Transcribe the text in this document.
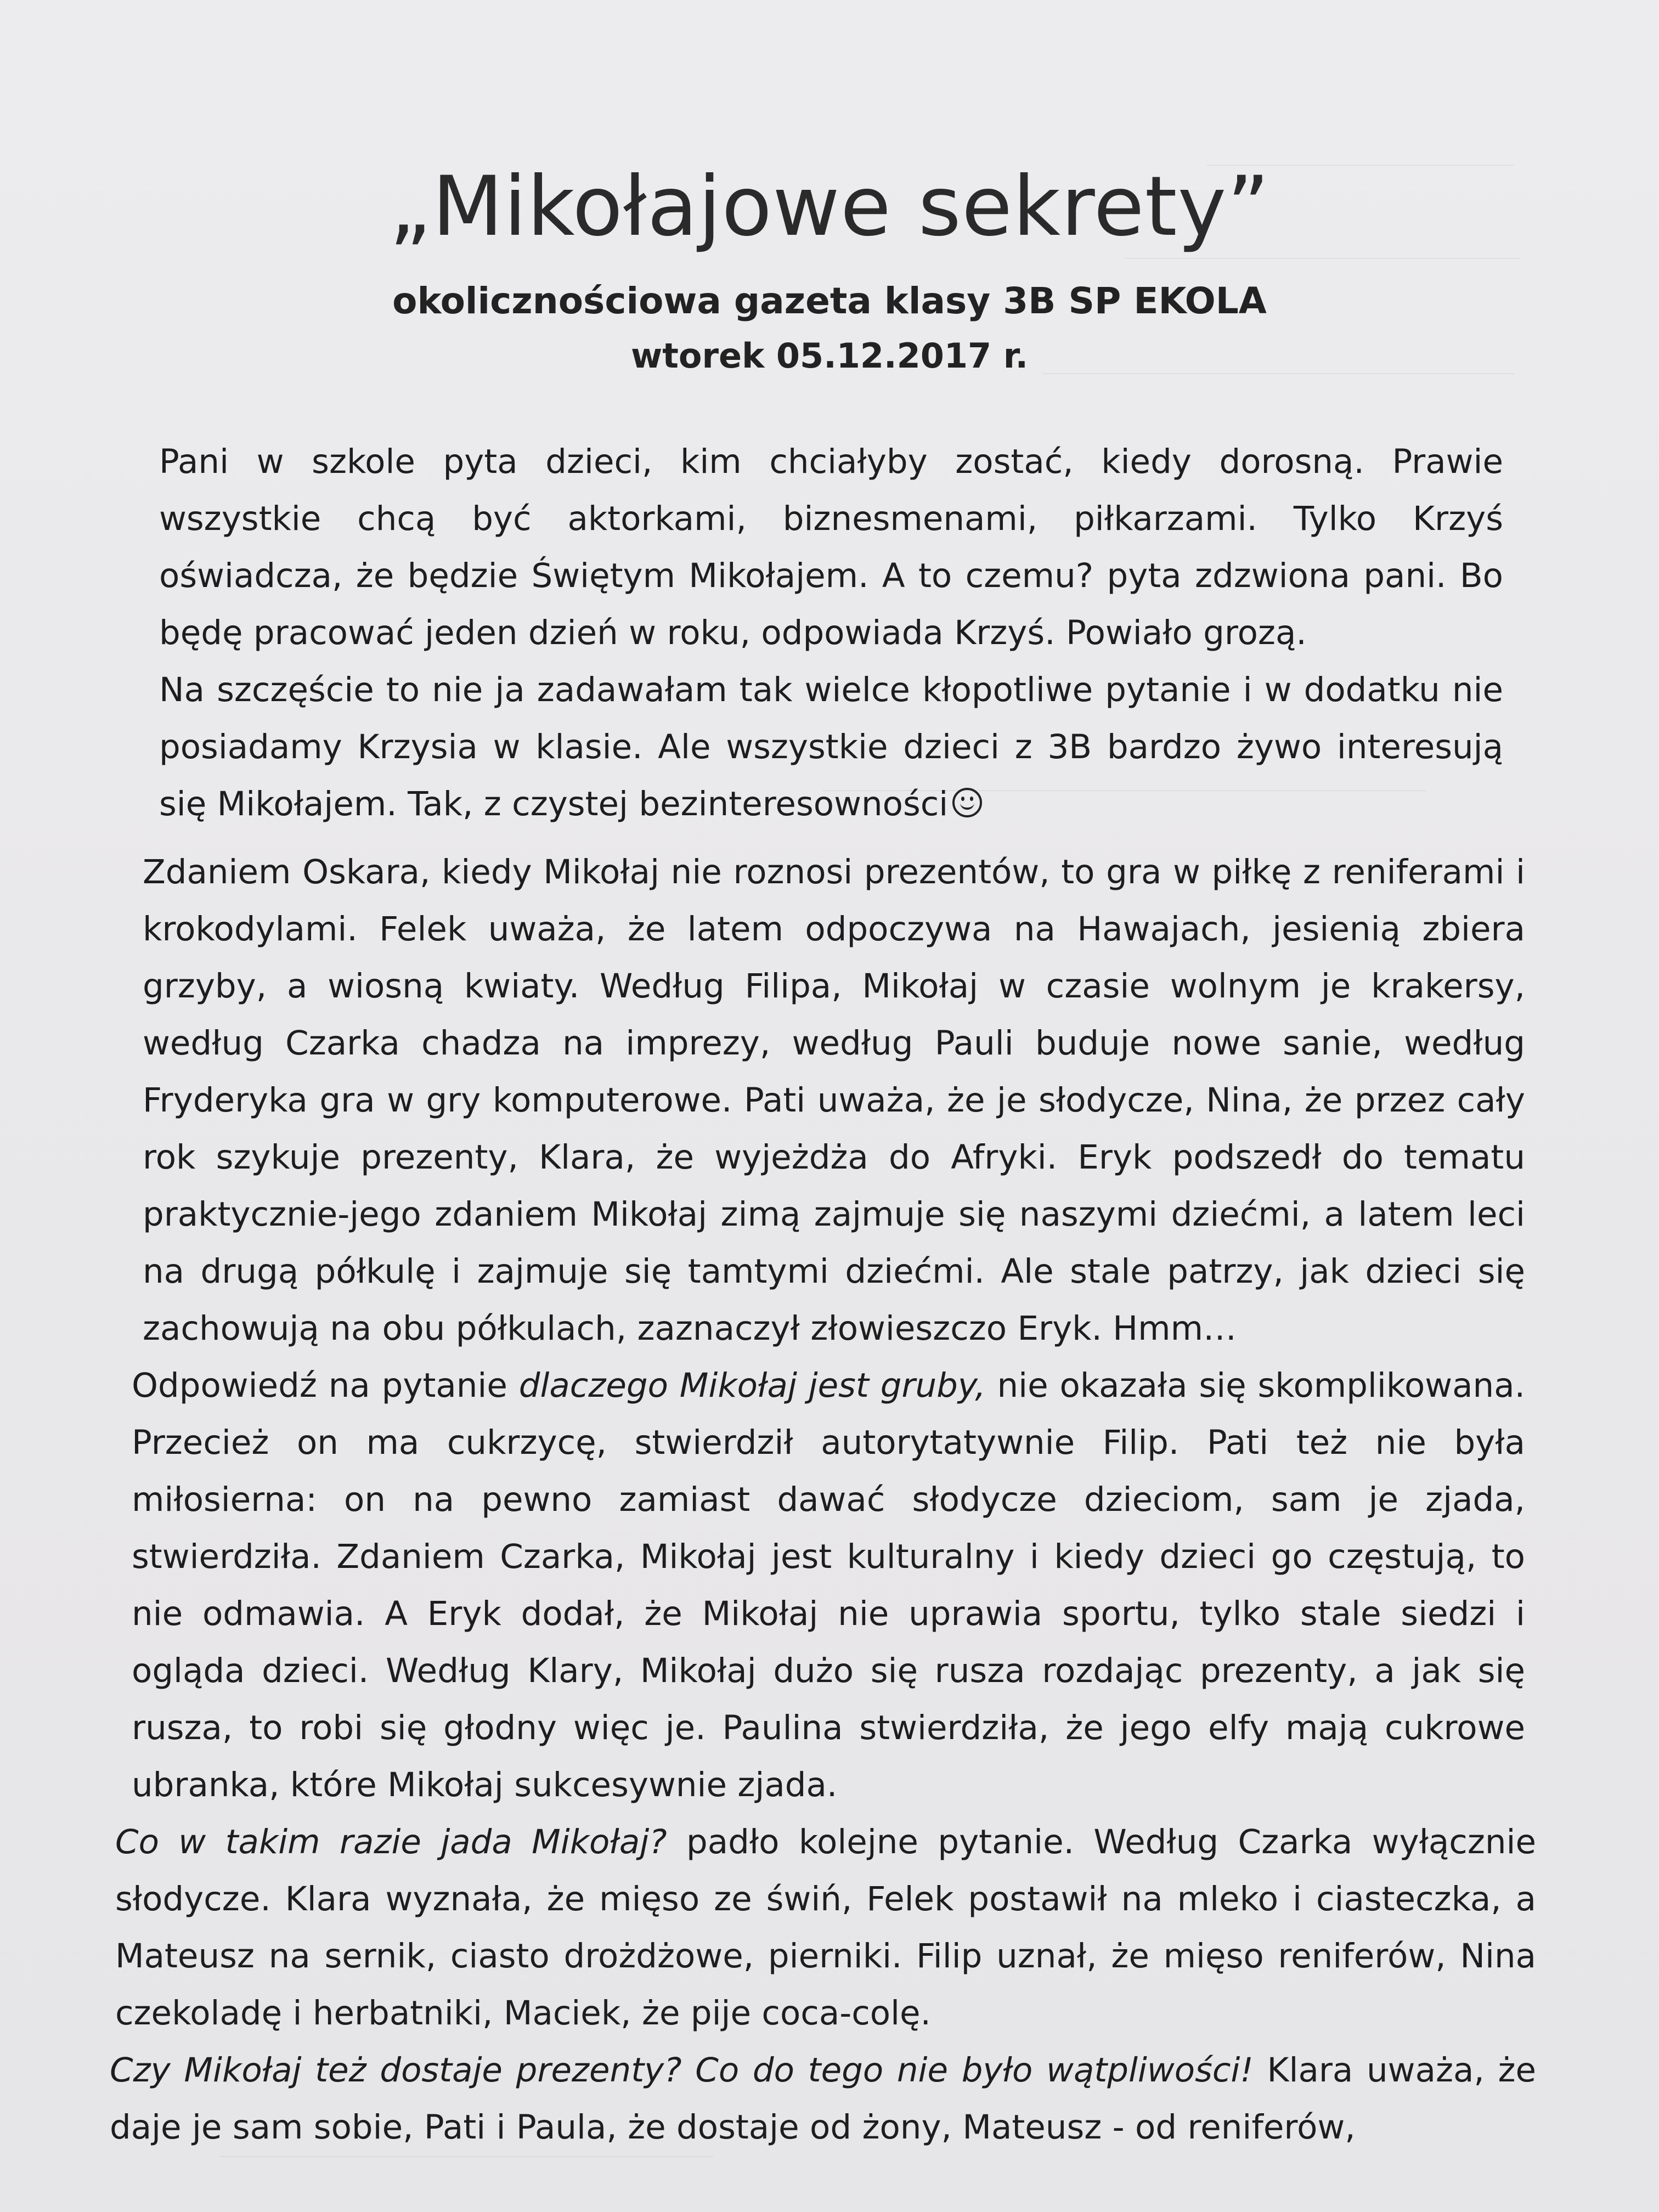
„Mikołajowe sekrety”
okolicznościowa gazeta klasy 3B SP EKOLA
wtorek 05.12.2017 r.

Pani w szkole pyta dzieci, kim chciałyby zostać, kiedy dorosną. Prawie wszystkie chcą być aktorkami, biznesmenami, piłkarzami. Tylko Krzyś oświadcza, że będzie Świętym Mikołajem. A to czemu? pyta zdzwiona pani. Bo będę pracować jeden dzień w roku, odpowiada Krzyś. Powiało grozą.

Na szczęście to nie ja zadawałam tak wielce kłopotliwe pytanie i w dodatku nie posiadamy Krzysia w klasie. Ale wszystkie dzieci z 3B bardzo żywo interesują się Mikołajem. Tak, z czystej bezinteresowności

Zdaniem Oskara, kiedy Mikołaj nie roznosi prezentów, to gra w piłkę z reniferami i krokodylami. Felek uważa, że latem odpoczywa na Hawajach, jesienią zbiera grzyby, a wiosną kwiaty. Według Filipa, Mikołaj w czasie wolnym je krakersy, według Czarka chadza na imprezy, według Pauli buduje nowe sanie, według Fryderyka gra w gry komputerowe. Pati uważa, że je słodycze, Nina, że przez cały rok szykuje prezenty, Klara, że wyjeżdża do Afryki. Eryk podszedł do tematu praktycznie-jego zdaniem Mikołaj zimą zajmuje się naszymi dziećmi, a latem leci na drugą półkulę i zajmuje się tamtymi dziećmi. Ale stale patrzy, jak dzieci się zachowują na obu półkulach, zaznaczył złowieszczo Eryk. Hmm…

Odpowiedź na pytanie dlaczego Mikołaj jest gruby, nie okazała się skomplikowana. Przecież on ma cukrzycę, stwierdził autorytatywnie Filip. Pati też nie była miłosierna: on na pewno zamiast dawać słodycze dzieciom, sam je zjada, stwierdziła. Zdaniem Czarka, Mikołaj jest kulturalny i kiedy dzieci go częstują, to nie odmawia. A Eryk dodał, że Mikołaj nie uprawia sportu, tylko stale siedzi i ogląda dzieci. Według Klary, Mikołaj dużo się rusza rozdając prezenty, a jak się rusza, to robi się głodny więc je. Paulina stwierdziła, że jego elfy mają cukrowe ubranka, które Mikołaj sukcesywnie zjada.

Co w takim razie jada Mikołaj? padło kolejne pytanie. Według Czarka wyłącznie słodycze. Klara wyznała, że mięso ze świń, Felek postawił na mleko i ciasteczka, a Mateusz na sernik, ciasto drożdżowe, pierniki. Filip uznał, że mięso reniferów, Nina czekoladę i herbatniki, Maciek, że pije coca-colę.

Czy Mikołaj też dostaje prezenty? Co do tego nie było wątpliwości! Klara uważa, że daje je sam sobie, Pati i Paula, że dostaje od żony, Mateusz - od reniferów,
